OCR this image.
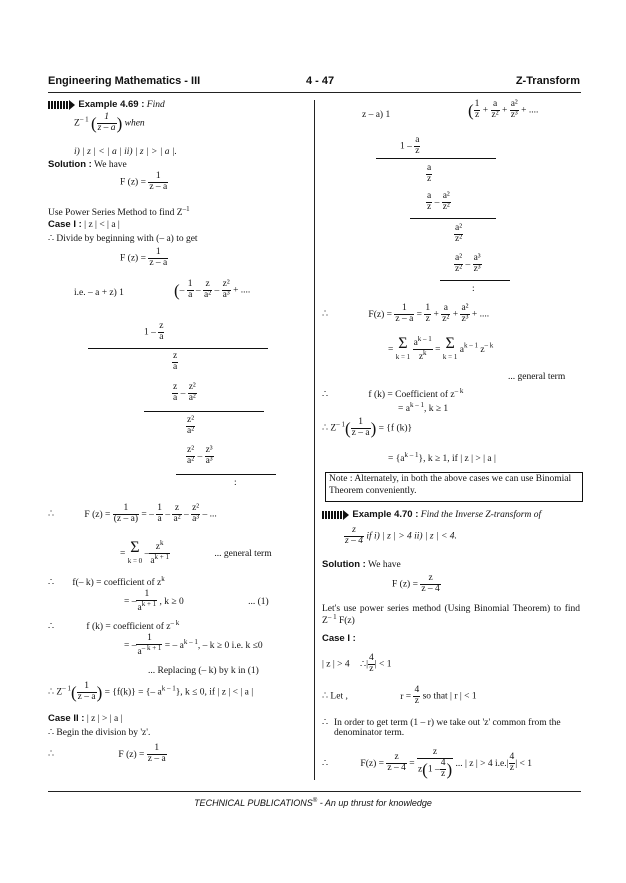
Engineering Mathematics - III	4 - 47	Z-Transform
Example 4.69 : Find
$Z^{- 1}$ ( $\frac{1}{z - a}$ ) when
i) | z | < | a | ii) | z | > | a |.
Solution : We have
F $(z) = \frac{1}{z - a}$
Use Power Series Method to find $Z^{-1}$
Case I : | z | < | a |
∴ Divide by beginning with (– a) to get
F $(z) = \frac{1}{z - a}$
i.e. – a + z) 1	(– $\frac{1}{a} - \frac{z}{\text{a²}} - \frac{\text{z²}}{\text{a³}}$ + ....
$1 - \frac{z}{a}$
$\frac{z}{a}$
$\frac{z}{a} - \frac{\text{z²}}{\text{a²}}$
$\frac{\text{z²}}{\text{a²}}$
$\frac{\text{z²}}{\text{a²}} - \frac{\text{z³}}{\text{a³}}$
:
∴	F $(z) = \frac{1}{(z - a)}$ = – $\frac{1}{a} - \frac{z}{\text{a²}} - \frac{\text{z²}}{\text{a³}}$ – ...
= Σ
$k = 0 - \frac{z^k}{a^{k + 1}}$	... general term
∴ f(– k) = coefficient of $z^k$
= – $\frac{1}{a^{k + 1}}$ , k ≥ 0	... (1)
∴	f (k) = coefficient of $z^{- k}$
= – $\frac{1}{a^{- k + 1}}$ = – $a^{k - 1}$, – k ≥ 0 i.e. k ≤0
... Replacing (– k) by k in (1)
∴ $Z^{- 1}( \frac{1}{z - a}$ ) = {f(k)} = {– $a^{k - 1}$}, k ≤ 0, if | z | < | a |
Case II : | z | > | a |
∴ Begin the division by 'z'.
∴	F $(z) = \frac{1}{z - a}$
z – a) 1	( $\frac{1}{z} + \frac{a}{\text{z²}} + \frac{\text{a²}}{\text{z³}}$ + ....
$1 - \frac{a}{z}$
$\frac{a}{z}$
$\frac{a}{z} - \frac{\text{a²}}{\text{z²}}$
$\frac{\text{a²}}{\text{z²}}$
$\frac{\text{a²}}{\text{z²}} - \frac{\text{a³}}{\text{z³}}$
:
∴	$F(z) = \frac{1}{z - a} = \frac{1}{z} + \frac{a}{\text{z²}} + \frac{\text{a²}}{\text{z³}}$ + ....
= Σ
$k = 1 \frac{a^{k - 1}}{z^k} = \Sigma$
k = 1 $a^{k - 1}$ $z^{- k}$
... general term
∴	f (k) = Coefficient of $z^{- k}$
= $a^{k - 1}$, k ≥ 1
∴ $Z^{- 1}( \frac{1}{z - a}$ ) = {f (k)}
= $\{a^{k - 1}\}$, k ≥ 1, if | z | > | a |
Example 4.70 : Find the Inverse Z-transform of
$\frac{z}{z - 4}$ if i) | z | > 4 ii) | z | < 4.
Solution : We have
F $(z) = \frac{z}{z - 4}$
Let's use power series method (Using Binomial Theorem) to find $Z^{- 1}$ F(z)
Case I :
| z | > 4 ∴| $\frac{4}{z}$ | < 1
∴ Let ,	$r = \frac{4}{z}$ so that | r | < 1
∴ In order to get term (1 – r) we take out 'z' common from the denominator term.
∴	$F(z) = \frac{z}{z - 4} = \frac{z}{z(1 - \frac{4}{z} )}$ ... | z | > 4 $i.e.| \frac{4}{z}$ | < 1
Note : Alternately, in both the above cases we can use Binomial Theorem conveniently.
TECHNICAL PUBLICATIONS® - An up thrust for knowledge
